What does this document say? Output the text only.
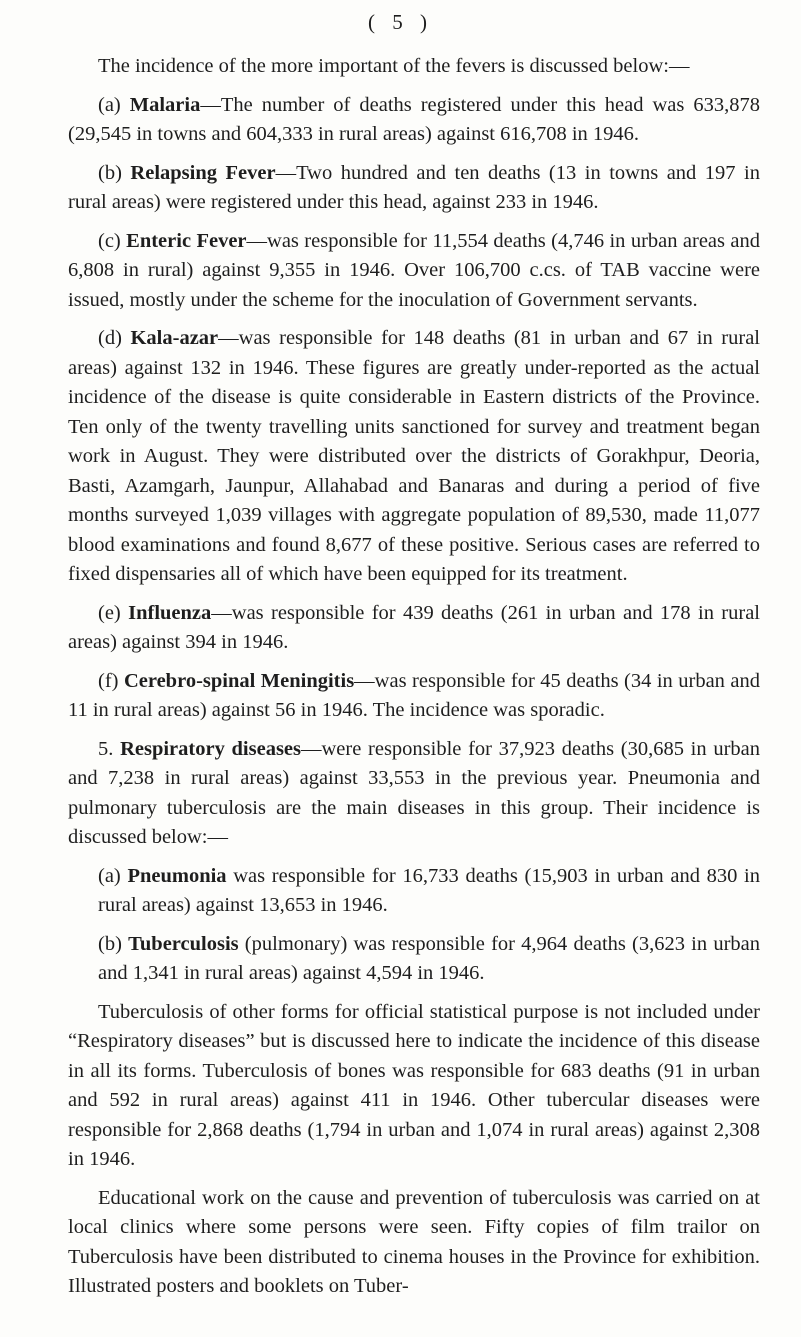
( 5 )

The incidence of the more important of the fevers is discussed below:—

(a) Malaria—The number of deaths registered under this head was 633,878 (29,545 in towns and 604,333 in rural areas) against 616,708 in 1946.

(b) Relapsing Fever—Two hundred and ten deaths (13 in towns and 197 in rural areas) were registered under this head, against 233 in 1946.

(c) Enteric Fever—was responsible for 11,554 deaths (4,746 in urban areas and 6,808 in rural) against 9,355 in 1946. Over 106,700 c.cs. of TAB vaccine were issued, mostly under the scheme for the inoculation of Government servants.

(d) Kala-azar—was responsible for 148 deaths (81 in urban and 67 in rural areas) against 132 in 1946. These figures are greatly under-reported as the actual incidence of the disease is quite considerable in Eastern districts of the Province. Ten only of the twenty travelling units sanctioned for survey and treatment began work in August. They were distributed over the districts of Gorakhpur, Deoria, Basti, Azamgarh, Jaunpur, Allahabad and Banaras and during a period of five months surveyed 1,039 villages with aggregate population of 89,530, made 11,077 blood examinations and found 8,677 of these positive. Serious cases are referred to fixed dispensaries all of which have been equipped for its treatment.

(e) Influenza—was responsible for 439 deaths (261 in urban and 178 in rural areas) against 394 in 1946.

(f) Cerebro-spinal Meningitis—was responsible for 45 deaths (34 in urban and 11 in rural areas) against 56 in 1946. The incidence was sporadic.

5. Respiratory diseases—were responsible for 37,923 deaths (30,685 in urban and 7,238 in rural areas) against 33,553 in the previous year. Pneumonia and pulmonary tuberculosis are the main diseases in this group. Their incidence is discussed below:—

(a) Pneumonia was responsible for 16,733 deaths (15,903 in urban and 830 in rural areas) against 13,653 in 1946.

(b) Tuberculosis (pulmonary) was responsible for 4,964 deaths (3,623 in urban and 1,341 in rural areas) against 4,594 in 1946.

Tuberculosis of other forms for official statistical purpose is not included under “Respiratory diseases” but is discussed here to indicate the incidence of this disease in all its forms. Tuberculosis of bones was responsible for 683 deaths (91 in urban and 592 in rural areas) against 411 in 1946. Other tubercular diseases were responsible for 2,868 deaths (1,794 in urban and 1,074 in rural areas) against 2,308 in 1946.

Educational work on the cause and prevention of tuberculosis was carried on at local clinics where some persons were seen. Fifty copies of film trailor on Tuberculosis have been distributed to cinema houses in the Province for exhibition. Illustrated posters and booklets on Tuber-
